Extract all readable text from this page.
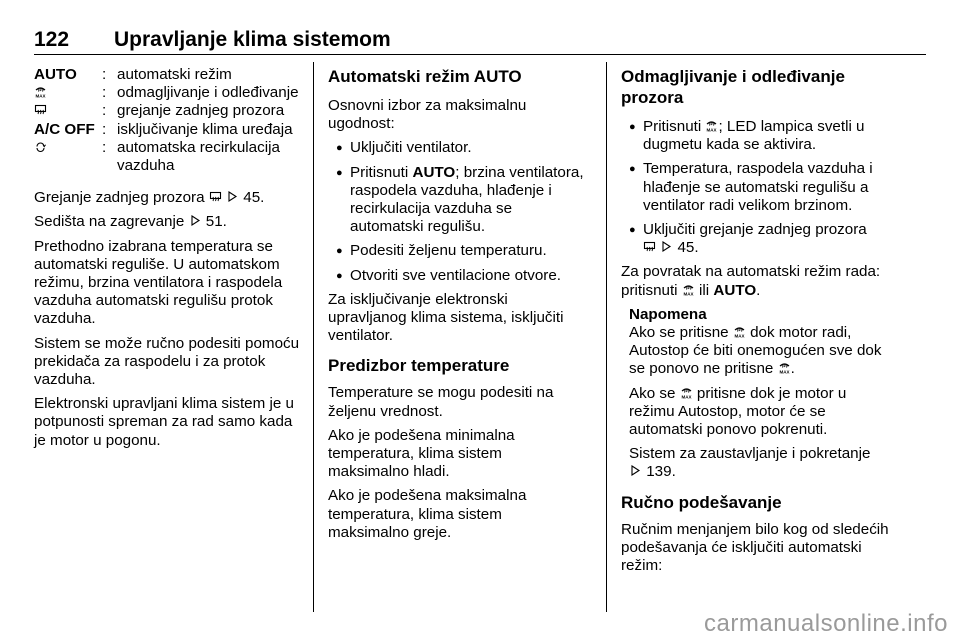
122 Upravljanje klima sistemom
AUTO	: automatski režim
: odmagljivanje i odleđivanje
: grejanje zadnjeg prozora
A/C OFF : isključivanje klima uređaja
: automatska recirkulacija vazduha

Grejanje zadnjeg prozora	45.

Sedišta na zagrevanje 51.

Prethodno izabrana temperatura se automatski reguliše. U automatskom režimu, brzina ventilatora i raspodela vazduha automatski regulišu protok vazduha.

Sistem se može ručno podesiti pomoću prekidača za raspodelu i za protok vazduha.

Elektronski upravljani klima sistem je u potpunosti spreman za rad samo kada je motor u pogonu.

Automatski režim AUTO

Osnovni izbor za maksimalnu ugodnost:

● Uključiti ventilator.
● Pritisnuti AUTO; brzina ventilatora, raspodela vazduha, hlađenje i recirkulacija vazduha se automatski regulišu.
● Podesiti željenu temperaturu.
● Otvoriti sve ventilacione otvore.

Za isključivanje elektronski upravljanog klima sistema, isključiti ventilator.

Predizbor temperature

Temperature se mogu podesiti na željenu vrednost.

Ako je podešena minimalna temperatura, klima sistem maksimalno hladi.

Ako je podešena maksimalna temperatura, klima sistem maksimalno greje.

Odmagljivanje i odleđivanje prozora
● Pritisnuti ; LED lampica svetli u dugmetu kada se aktivira.
● Temperatura, raspodela vazduha i hlađenje se automatski regulišu a ventilator radi velikom brzinom.
● Uključiti grejanje zadnjeg prozora
45.

Za povratak na automatski režim rada: pritisnuti ili AUTO.

Napomena

Ako se pritisne dok motor radi, Autostop će biti onemogućen sve dok se ponovo ne pritisne .

Ako se pritisne dok je motor u režimu Autostop, motor će se automatski ponovo pokrenuti.

Sistem za zaustavljanje i pokretanje
139.

Ručno podešavanje

Ručnim menjanjem bilo kog od sledećih podešavanja će isključiti automatski režim:

carmanualsonline.info
